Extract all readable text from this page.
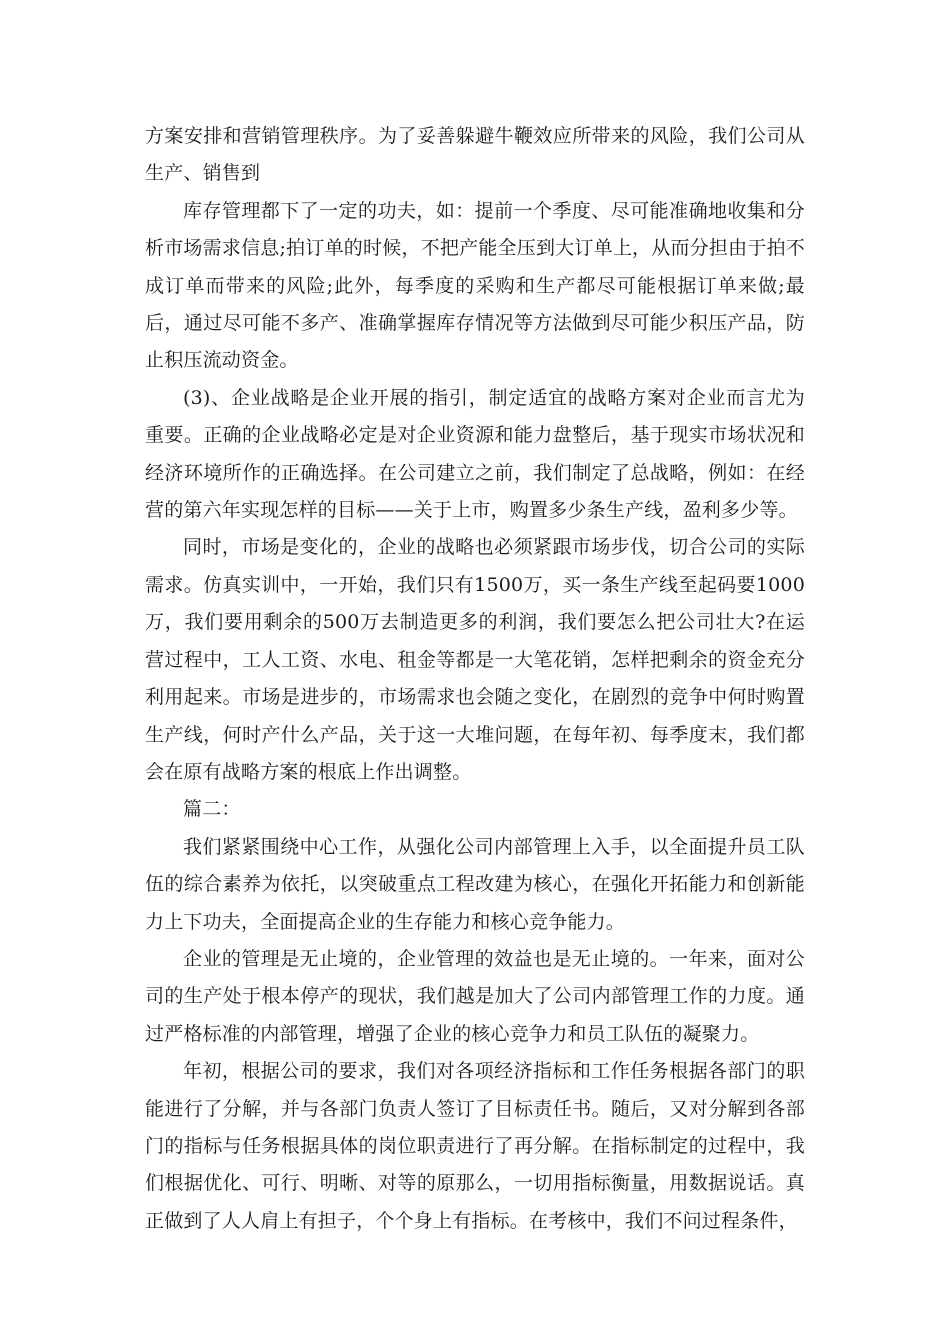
方案安排和营销管理秩序。为了妥善躲避牛鞭效应所带来的风险，我们公司从生产、销售到

库存管理都下了一定的功夫，如：提前一个季度、尽可能准确地收集和分析市场需求信息;拍订单的时候，不把产能全压到大订单上，从而分担由于拍不成订单而带来的风险;此外，每季度的采购和生产都尽可能根据订单来做;最后，通过尽可能不多产、准确掌握库存情况等方法做到尽可能少积压产品，防止积压流动资金。

(3)、企业战略是企业开展的指引，制定适宜的战略方案对企业而言尤为重要。正确的企业战略必定是对企业资源和能力盘整后，基于现实市场状况和经济环境所作的正确选择。在公司建立之前，我们制定了总战略，例如：在经营的第六年实现怎样的目标——关于上市，购置多少条生产线，盈利多少等。

同时，市场是变化的，企业的战略也必须紧跟市场步伐，切合公司的实际需求。仿真实训中，一开始，我们只有1500万，买一条生产线至起码要1000万，我们要用剩余的500万去制造更多的利润，我们要怎么把公司壮大?在运营过程中，工人工资、水电、租金等都是一大笔花销，怎样把剩余的资金充分利用起来。市场是进步的，市场需求也会随之变化，在剧烈的竞争中何时购置生产线，何时产什么产品，关于这一大堆问题，在每年初、每季度末，我们都会在原有战略方案的根底上作出调整。

篇二：

我们紧紧围绕中心工作，从强化公司内部管理上入手，以全面提升员工队伍的综合素养为依托，以突破重点工程改建为核心，在强化开拓能力和创新能力上下功夫，全面提高企业的生存能力和核心竞争能力。

企业的管理是无止境的，企业管理的效益也是无止境的。一年来，面对公司的生产处于根本停产的现状，我们越是加大了公司内部管理工作的力度。通过严格标准的内部管理，增强了企业的核心竞争力和员工队伍的凝聚力。

年初，根据公司的要求，我们对各项经济指标和工作任务根据各部门的职能进行了分解，并与各部门负责人签订了目标责任书。随后，又对分解到各部门的指标与任务根据具体的岗位职责进行了再分解。在指标制定的过程中，我们根据优化、可行、明晰、对等的原那么，一切用指标衡量，用数据说话。真正做到了人人肩上有担子，个个身上有指标。在考核中，我们不问过程条件，
